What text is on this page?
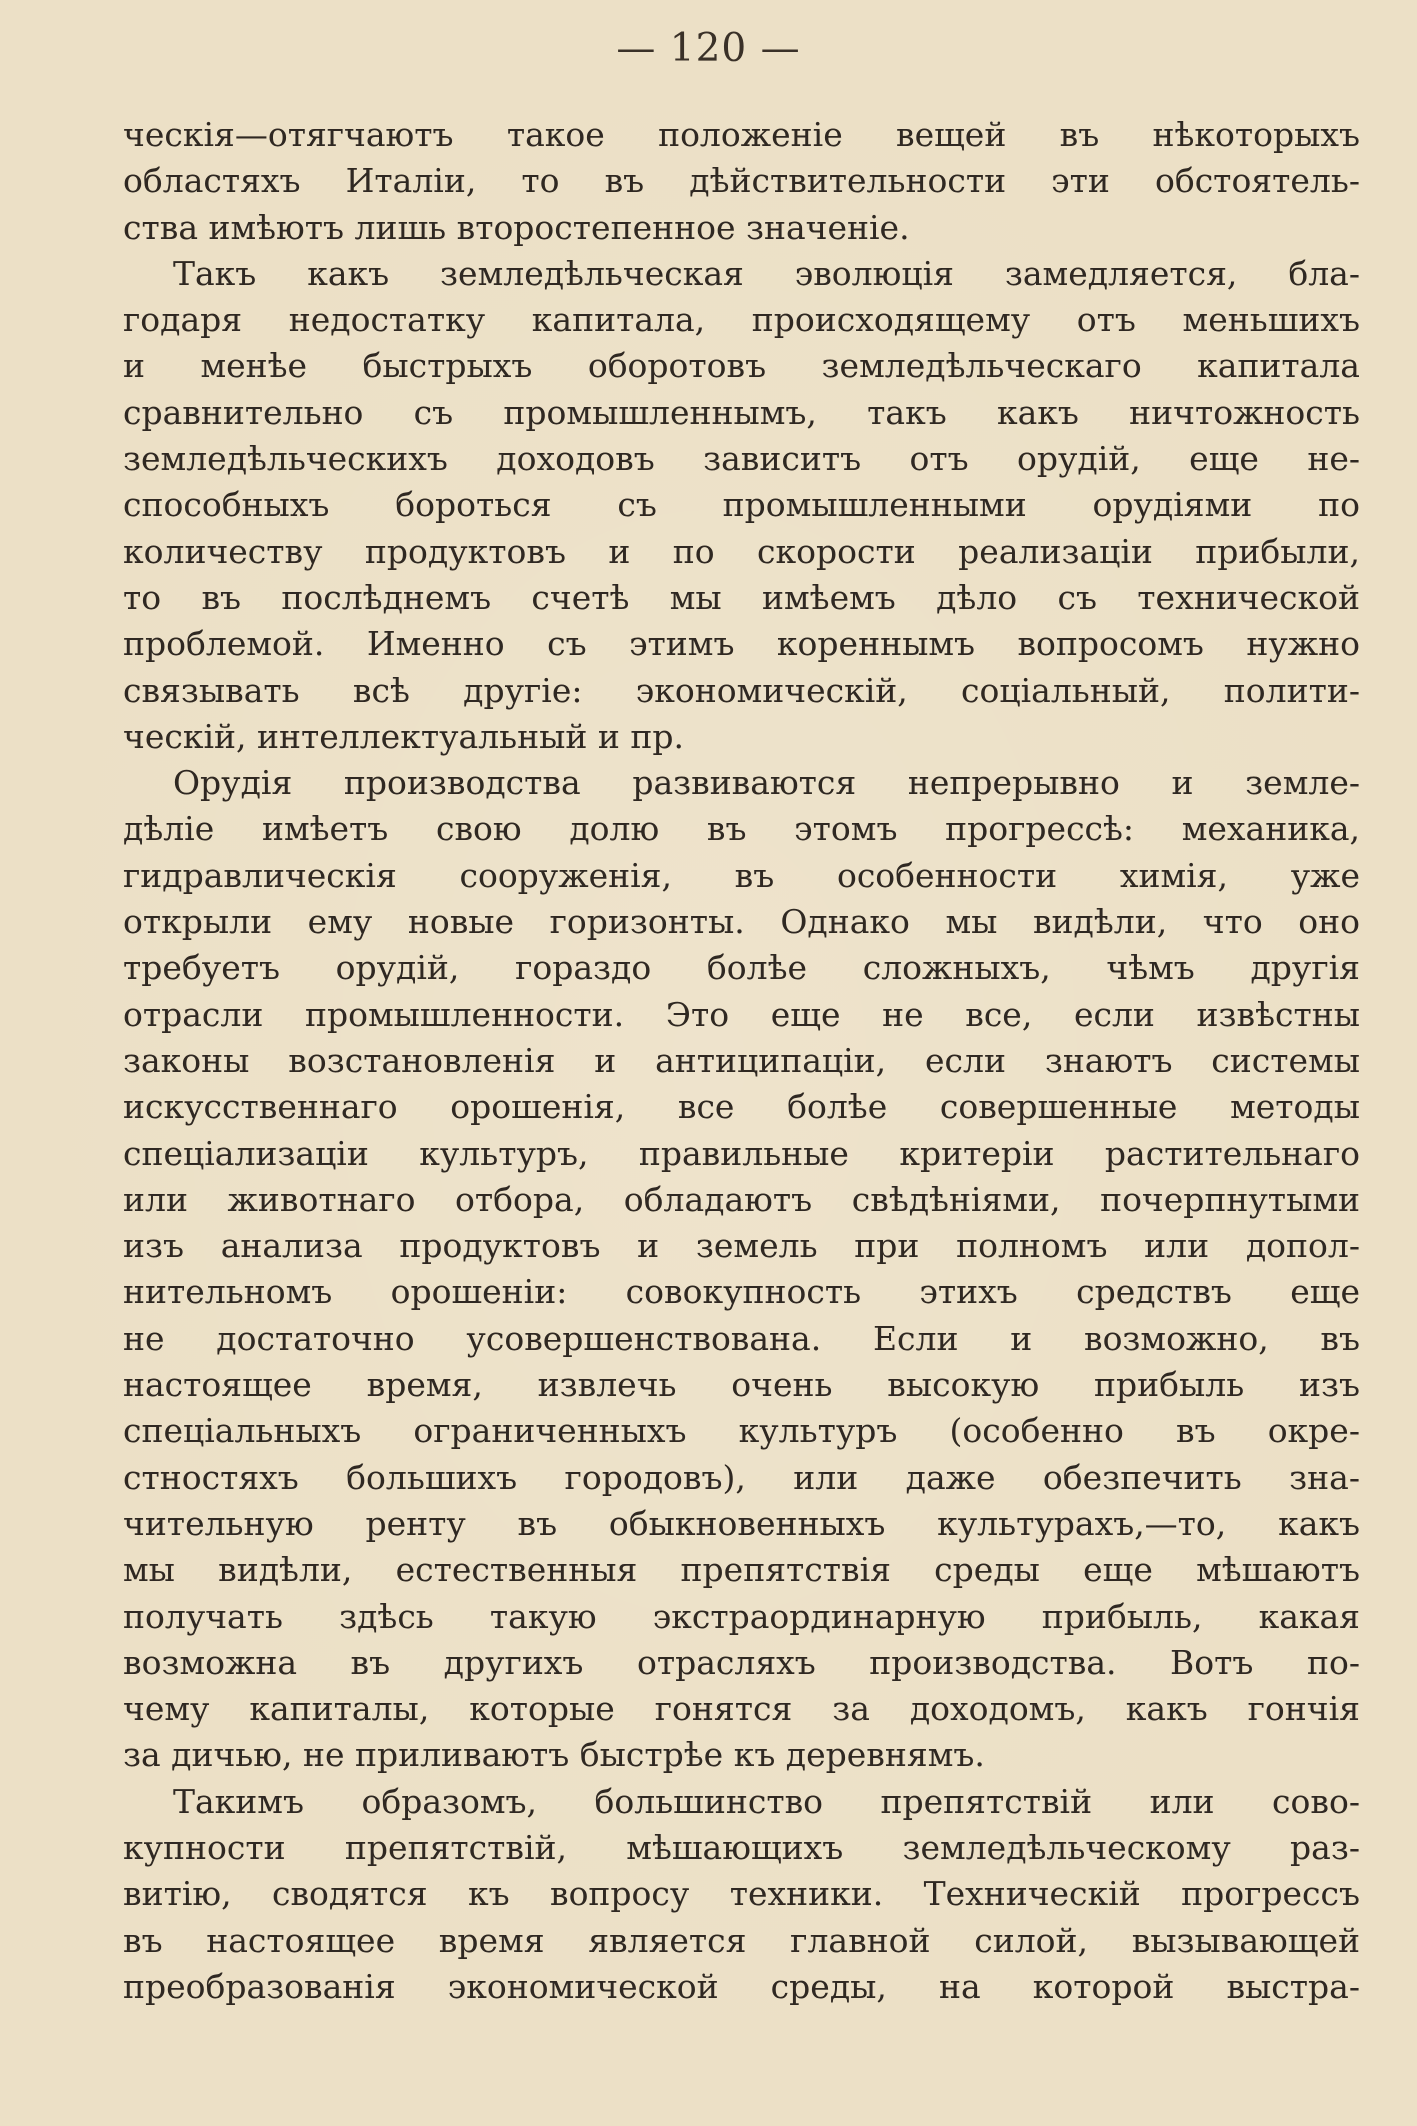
— 120 —

ческія—отягчаютъ такое положеніе вещей въ нѣкоторыхъ
областяхъ Италіи, то въ дѣйствительности эти обстоятель-
ства имѣютъ лишь второстепенное значеніе.

Такъ какъ земледѣльческая эволюція замедляется, бла-
годаря недостатку капитала, происходящему отъ меньшихъ
и менѣе быстрыхъ оборотовъ земледѣльческаго капитала
сравнительно съ промышленнымъ, такъ какъ ничтожность
земледѣльческихъ доходовъ зависитъ отъ орудій, еще не-
способныхъ бороться съ промышленными орудіями по
количеству продуктовъ и по скорости реализаціи прибыли,
то въ послѣднемъ счетѣ мы имѣемъ дѣло съ технической
проблемой. Именно съ этимъ кореннымъ вопросомъ нужно
связывать всѣ другіе: экономическій, соціальный, полити-
ческій, интеллектуальный и пр.

Орудія производства развиваются непрерывно и земле-
дѣліе имѣетъ свою долю въ этомъ прогрессѣ: механика,
гидравлическія сооруженія, въ особенности химія, уже
открыли ему новые горизонты. Однако мы видѣли, что оно
требуетъ орудій, гораздо болѣе сложныхъ, чѣмъ другія
отрасли промышленности. Это еще не все, если извѣстны
законы возстановленія и антиципаціи, если знаютъ системы
искусственнаго орошенія, все болѣе совершенные методы
спеціализаціи культуръ, правильные критеріи растительнаго
или животнаго отбора, обладаютъ свѣдѣніями, почерпнутыми
изъ анализа продуктовъ и земель при полномъ или допол-
нительномъ орошеніи: совокупность этихъ средствъ еще
не достаточно усовершенствована. Если и возможно, въ
настоящее время, извлечь очень высокую прибыль изъ
спеціальныхъ ограниченныхъ культуръ (особенно въ окре-
стностяхъ большихъ городовъ), или даже обезпечить зна-
чительную ренту въ обыкновенныхъ культурахъ,—то, какъ
мы видѣли, естественныя препятствія среды еще мѣшаютъ
получать здѣсь такую экстраординарную прибыль, какая
возможна въ другихъ отрасляхъ производства. Вотъ по-
чему капиталы, которые гонятся за доходомъ, какъ гончія
за дичью, не приливаютъ быстрѣе къ деревнямъ.

Такимъ образомъ, большинство препятствій или сово-
купности препятствій, мѣшающихъ земледѣльческому раз-
витію, сводятся къ вопросу техники. Техническій прогрессъ
въ настоящее время является главной силой, вызывающей
преобразованія экономической среды, на которой выстра-
